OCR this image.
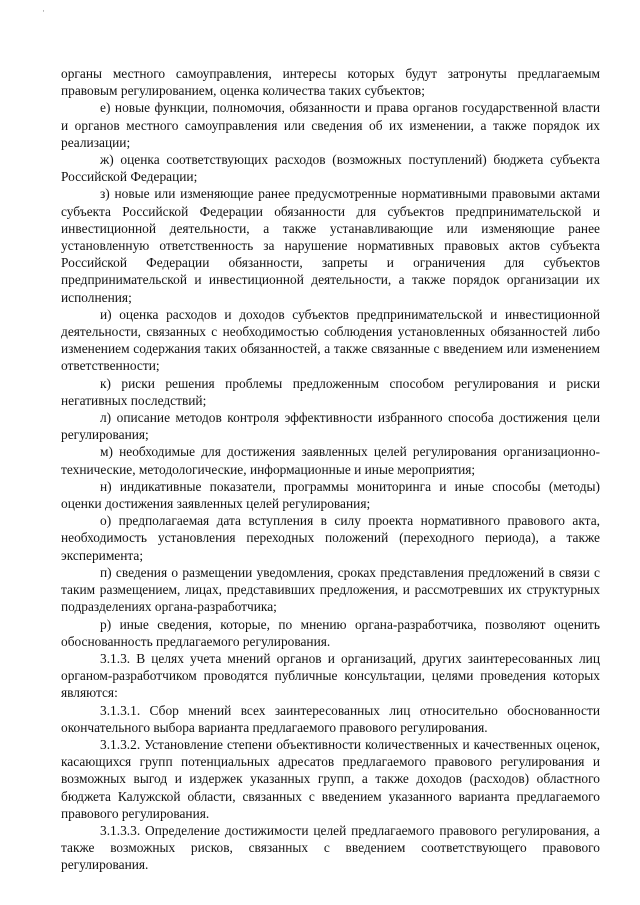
·

органы местного самоуправления, интересы которых будут затронуты предлагаемым правовым регулированием, оценка количества таких субъектов;

е) новые функции, полномочия, обязанности и права органов государственной власти и органов местного самоуправления или сведения об их изменении, а также порядок их реализации;

ж) оценка соответствующих расходов (возможных поступлений) бюджета субъекта Российской Федерации;

з) новые или изменяющие ранее предусмотренные нормативными правовыми актами субъекта Российской Федерации обязанности для субъектов предпринимательской и инвестиционной деятельности, а также устанавливающие или изменяющие ранее установленную ответственность за нарушение нормативных правовых актов субъекта Российской Федерации обязанности, запреты и ограничения для субъектов предпринимательской и инвестиционной деятельности, а также порядок организации их исполнения;

и) оценка расходов и доходов субъектов предпринимательской и инвестиционной деятельности, связанных с необходимостью соблюдения установленных обязанностей либо изменением содержания таких обязанностей, а также связанные с введением или изменением ответственности;

к) риски решения проблемы предложенным способом регулирования и риски негативных последствий;

л) описание методов контроля эффективности избранного способа достижения цели регулирования;

м) необходимые для достижения заявленных целей регулирования организационно-технические, методологические, информационные и иные мероприятия;

н) индикативные показатели, программы мониторинга и иные способы (методы) оценки достижения заявленных целей регулирования;

о) предполагаемая дата вступления в силу проекта нормативного правового акта, необходимость установления переходных положений (переходного периода), а также эксперимента;

п) сведения о размещении уведомления, сроках представления предложений в связи с таким размещением, лицах, представивших предложения, и рассмотревших их структурных подразделениях органа-разработчика;

р) иные сведения, которые, по мнению органа-разработчика, позволяют оценить обоснованность предлагаемого регулирования.

3.1.3. В целях учета мнений органов и организаций, других заинтересованных лиц органом-разработчиком проводятся публичные консультации, целями проведения которых являются:

3.1.3.1. Сбор мнений всех заинтересованных лиц относительно обоснованности окончательного выбора варианта предлагаемого правового регулирования.

3.1.3.2. Установление степени объективности количественных и качественных оценок, касающихся групп потенциальных адресатов предлагаемого правового регулирования и возможных выгод и издержек указанных групп, а также доходов (расходов) областного бюджета Калужской области, связанных с введением указанного варианта предлагаемого правового регулирования.

3.1.3.3. Определение достижимости целей предлагаемого правового регулирования, а также возможных рисков, связанных с введением соответствующего правового регулирования.
